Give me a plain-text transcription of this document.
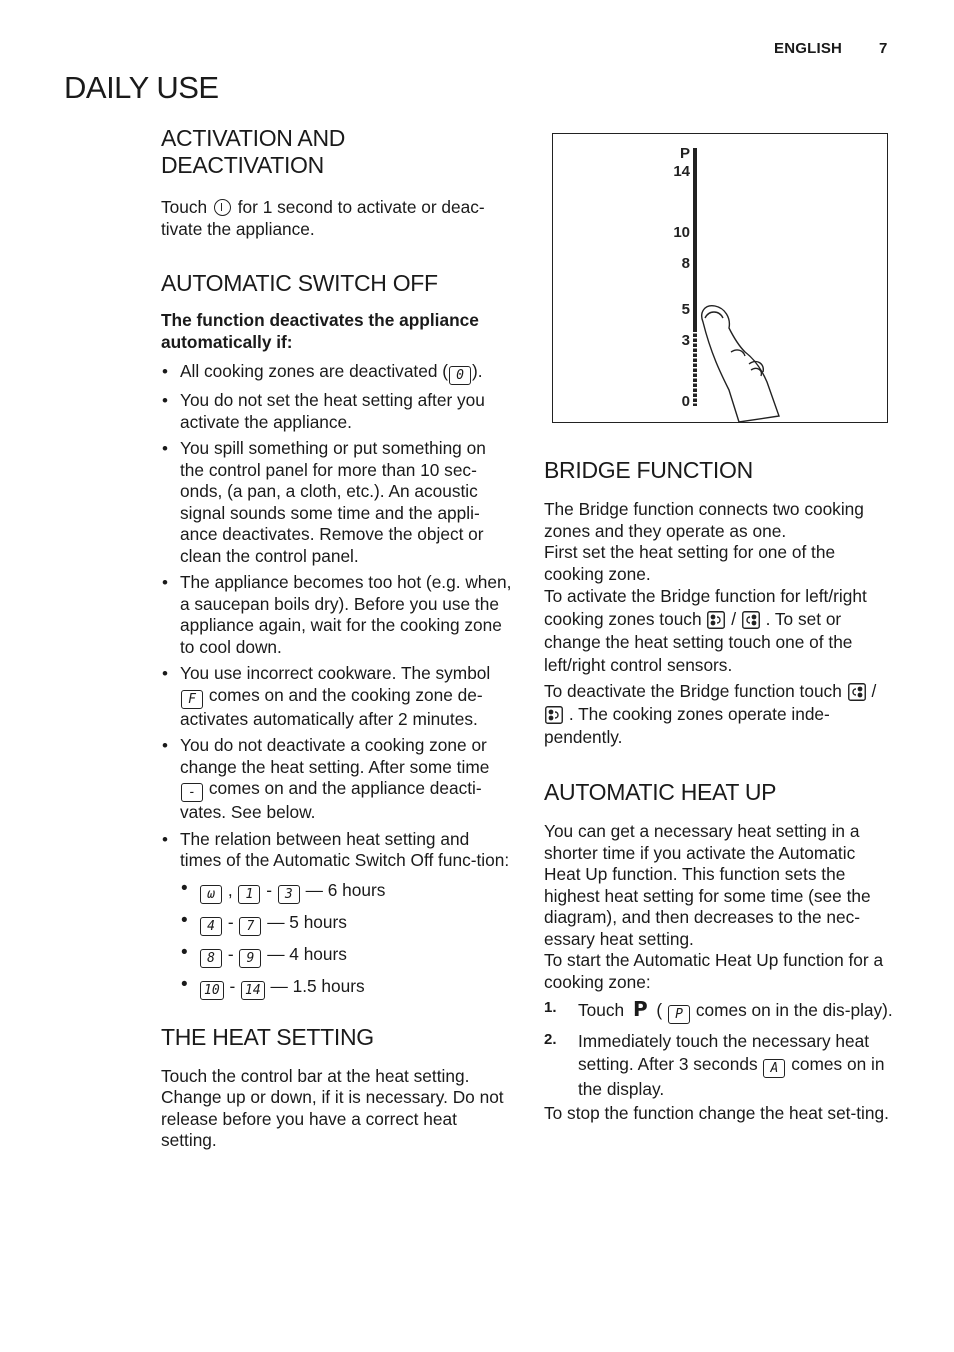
ENGLISH 7
DAILY USE
ACTIVATION AND DEACTIVATION

Touch for 1 second to activate or deac-tivate the appliance.

AUTOMATIC SWITCH OFF

The function deactivates the appliance automatically if:

• All cooking zones are deactivated ( 0 ).
• You do not set the heat setting after you activate the appliance.
• You spill something or put something on the control panel for more than 10 sec-onds, (a pan, a cloth, etc.). An acoustic signal sounds some time and the appli-ance deactivates. Remove the object or clean the control panel.
• The appliance becomes too hot (e.g. when, a saucepan boils dry). Before you use the appliance again, wait for the cooking zone to cool down.
• You use incorrect cookware. The symbol F comes on and the cooking zone de-activates automatically after 2 minutes.
• You do not deactivate a cooking zone or change the heat setting. After some time - comes on and the appliance deacti-vates. See below.
• The relation between heat setting and times of the Automatic Switch Off func-tion:
• ω , 1 - 3 — 6 hours
• 4 - 7 — 5 hours
• 8 - 9 — 4 hours
• 10 - 14 — 1.5 hours
THE HEAT SETTING

Touch the control bar at the heat setting. Change up or down, if it is necessary. Do not release before you have a correct heat setting.

P
14
10
8
5
3
0
BRIDGE FUNCTION

The Bridge function connects two cooking zones and they operate as one.

First set the heat setting for one of the cooking zone.

To activate the Bridge function for left/right cooking zones touch / . To set or change the heat setting touch one of the left/right control sensors.

To deactivate the Bridge function touch /  . The cooking zones operate inde-pendently.

AUTOMATIC HEAT UP

You can get a necessary heat setting in a shorter time if you activate the Automatic Heat Up function. This function sets the highest heat setting for some time (see the diagram), and then decreases to the nec-essary heat setting.

To start the Automatic Heat Up function for a cooking zone:

1. Touch P ( P comes on in the dis-play).
2. Immediately touch the necessary heat setting. After 3 seconds A comes on in the display.

To stop the function change the heat set-ting.
